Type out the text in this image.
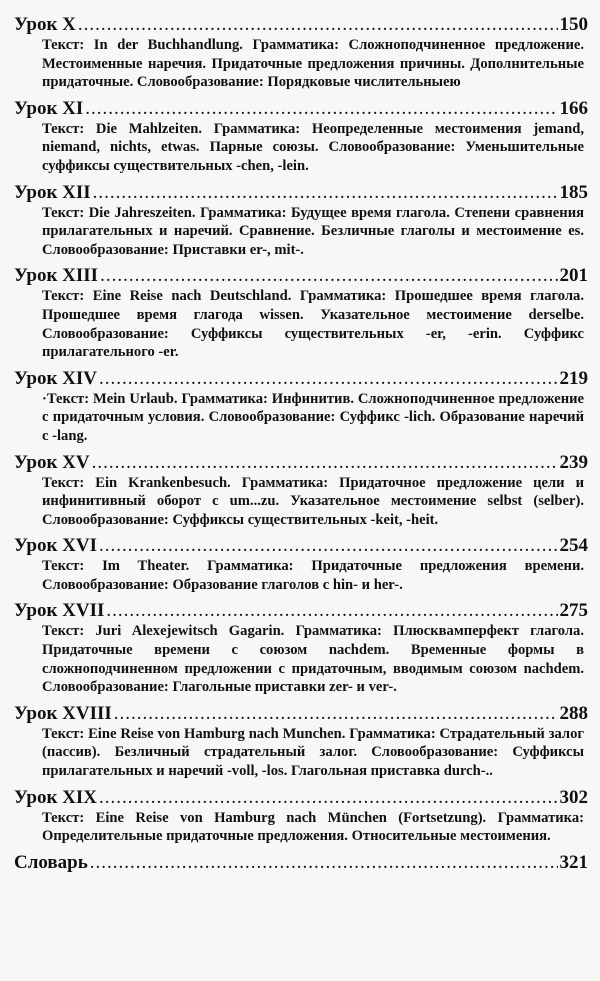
Урок X .....	150
Текст: In der Buchhandlung. Грамматика: Сложноподчиненное предложение. Местоименные наречия. Придаточные предложения причины. Дополнительные придаточные. Словообразование: Порядковые числительныею
Урок XI .....	166
Текст: Die Mahlzeiten. Грамматика: Неопределенные местоимения jemand, niemand, nichts, etwas. Парные союзы. Словообразование: Уменьшительные суффиксы существительных -chen, -lein.
Урок XII .....	185
Текст: Die Jahreszeiten. Грамматика: Будущее время глагола. Степени сравнения прилагательных и наречий. Сравнение. Безличные глаголы и местоимение es. Словообразование: Приставки er-, mit-.
Урок XIII .....	201
Текст: Eine Reise nach Deutschland. Грамматика: Прошедшее время глагола. Прошедшее время глагода wissen. Указательное местоимение derselbe. Словообразование: Суффиксы существительных -er, -erin. Суффикс прилагательного -er.
Урок XIV .....	219
·Текст: Mein Urlaub. Грамматика: Инфинитив. Сложноподчиненное предложение с придаточным условия. Словообразование: Суффикс -lich. Образование наречий с -lang.
Урок XV .....	239
Текст: Ein Krankenbesuch. Грамматика: Придаточное предложение цели и инфинитивный оборот с um...zu. Указательное местоимение selbst (selber). Словообразование: Суффиксы существительных -keit, -heit.
Урок XVI .....	254
Текст: Im Theater. Грамматика: Придаточные предложения времени. Словообразование: Образование глаголов с hin- и her-.
Урок XVII .....	275
Текст: Juri Alexejewitsch Gagarin. Грамматика: Плюсквамперфект глагола. Придаточные времени с союзом nachdem. Временные формы в сложноподчиненном предложении с придаточным, вводимым союзом nachdem. Словообразование: Глагольные приставки zer- и ver-.
Урок XVIII .....	288
Текст: Eine Reise von Hamburg nach Munchen. Грамматика: Страдательный залог (пассив). Безличный страдательный залог. Словообразование: Суффиксы прилагательных и наречий -voll, -los. Глагольная приставка durch-..
Урок XIX .....	302
Текст: Eine Reise von Hamburg nach München (Fortsetzung). Грамматика: Определительные придаточные предложения. Относительные местоимения.
Словарь .....	321
